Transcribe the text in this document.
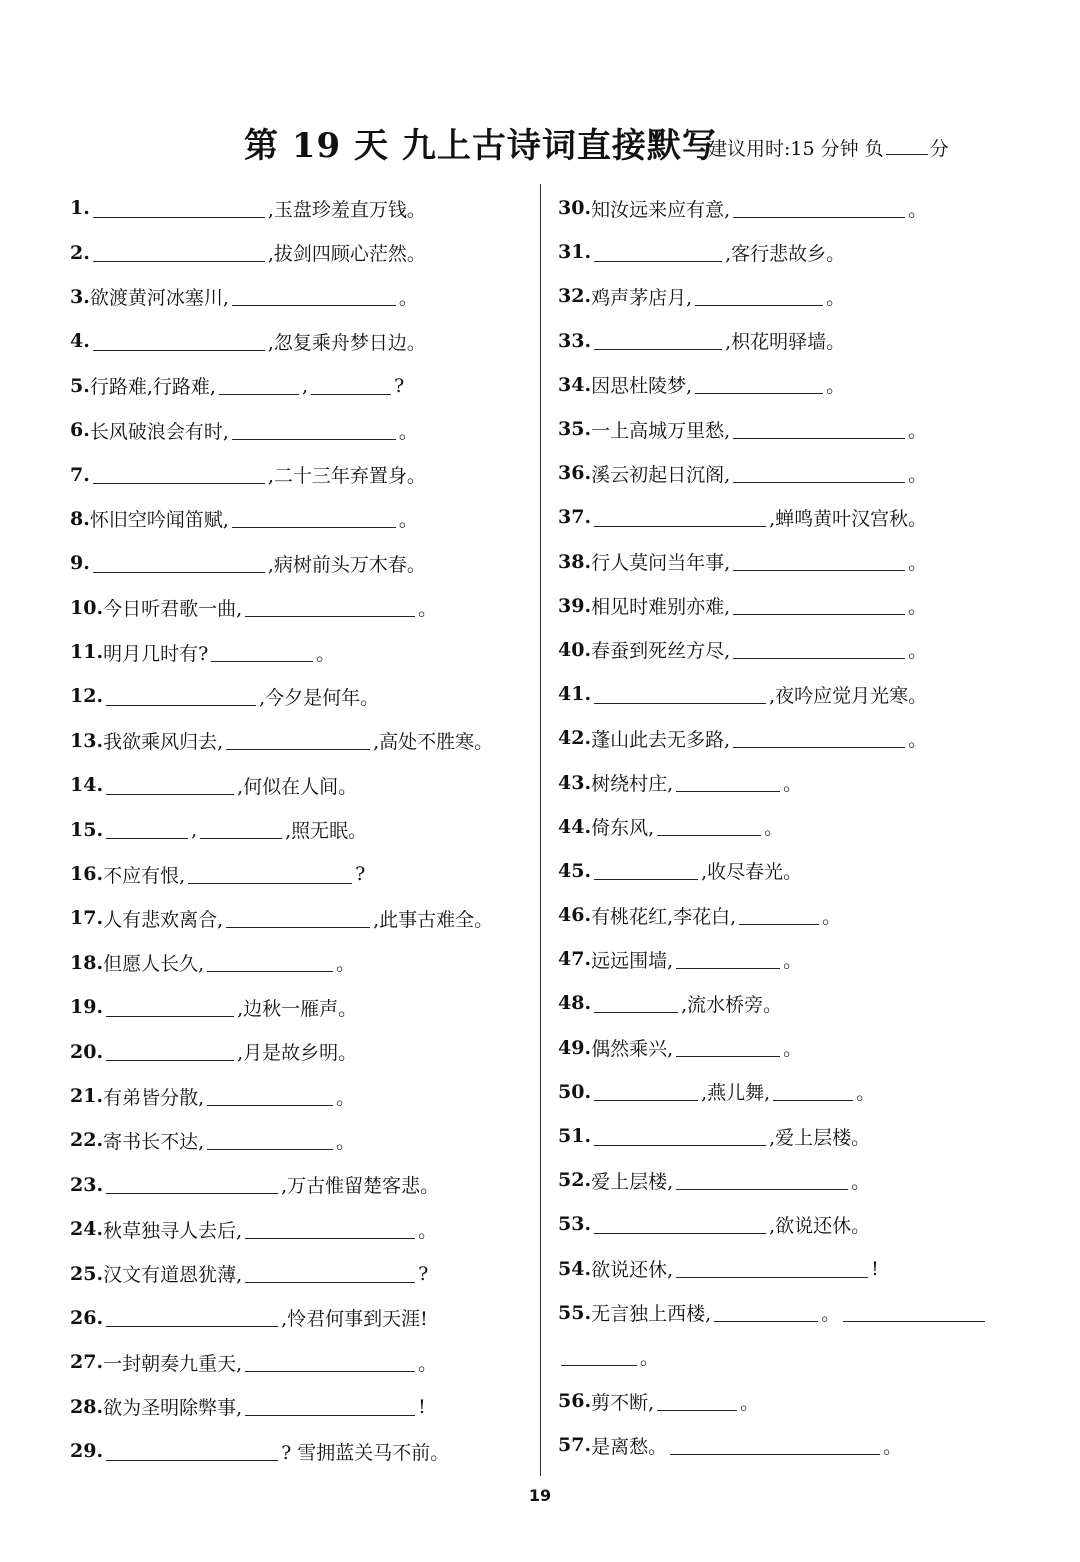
第 19 天 九上古诗词直接默写
建议用时:15 分钟 负 分
1.	,玉盘珍羞直万钱。
2.	,拔剑四顾心茫然。
3. 欲渡黄河冰塞川,	。
4.	,忽复乘舟梦日边。
5. 行路难,行路难,	,	?
6. 长风破浪会有时,	。
7.	,二十三年弃置身。
8. 怀旧空吟闻笛赋,	。
9.	,病树前头万木春。
10. 今日听君歌一曲,	。
11. 明月几时有?	。
12.	,今夕是何年。
13. 我欲乘风归去,	,高处不胜寒。
14.	,何似在人间。
15.	,	,照无眠。
16. 不应有恨,	?
17. 人有悲欢离合,	,此事古难全。
18. 但愿人长久,	。
19.	,边秋一雁声。
20.	,月是故乡明。
21. 有弟皆分散,	。
22. 寄书长不达,	。
23.	,万古惟留楚客悲。
24. 秋草独寻人去后,	。
25. 汉文有道恩犹薄,	?
26.	,怜君何事到天涯!
27. 一封朝奏九重天,	。
28. 欲为圣明除弊事,	!
29.	? 雪拥蓝关马不前。
30. 知汝远来应有意,	。
31.	,客行悲故乡。
32. 鸡声茅店月,	。
33.	,枳花明驿墙。
34. 因思杜陵梦,	。
35. 一上高城万里愁,	。
36. 溪云初起日沉阁,	。
37.	,蝉鸣黄叶汉宫秋。
38. 行人莫问当年事,	。
39. 相见时难别亦难,	。
40. 春蚕到死丝方尽,	。
41.	,夜吟应觉月光寒。
42. 蓬山此去无多路,	。
43. 树绕村庄,	。
44. 倚东风,	。
45.	,收尽春光。
46. 有桃花红,李花白,	。
47. 远远围墙,	。
48.	,流水桥旁。
49. 偶然乘兴,	。
50.	,燕儿舞,	。
51.	,爱上层楼。
52. 爱上层楼,	。
53.	,欲说还休。
54. 欲说还休,	!
55. 无言独上西楼,	。
。
56. 剪不断,	。
57. 是离愁。	。
19
